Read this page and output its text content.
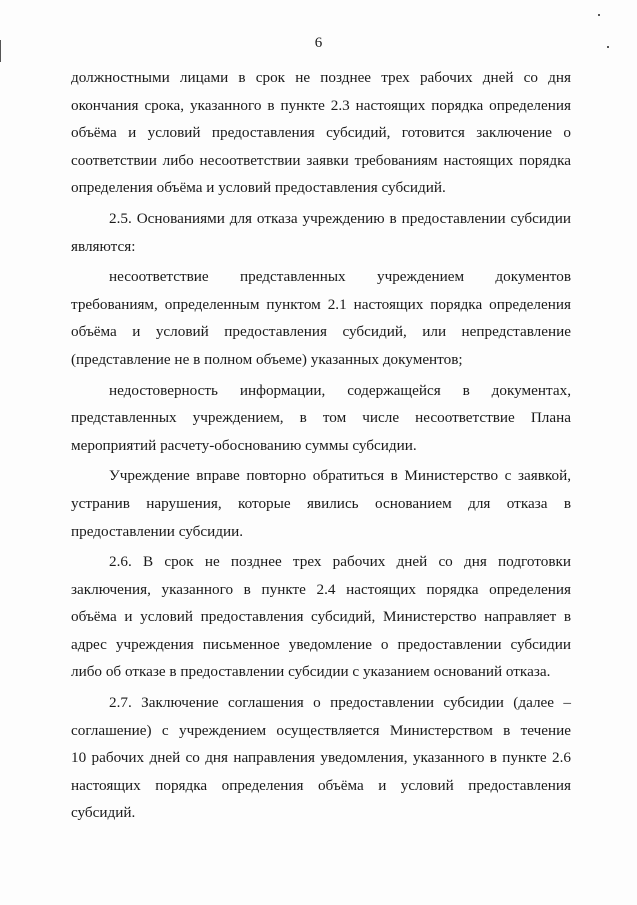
6
должностными лицами в срок не позднее трех рабочих дней со дня
окончания срока, указанного в пункте 2.3 настоящих порядка определения
объёма и условий предоставления субсидий, готовится заключение о
соответствии либо несоответствии заявки требованиям настоящих порядка
определения объёма и условий предоставления субсидий.
2.5. Основаниями для отказа учреждению в предоставлении субсидии
являются:
несоответствие представленных учреждением документов
требованиям, определенным пунктом 2.1 настоящих порядка определения
объёма и условий предоставления субсидий, или непредставление
(представление не в полном объеме) указанных документов;
недостоверность информации, содержащейся в документах,
представленных учреждением, в том числе несоответствие Плана
мероприятий расчету-обоснованию суммы субсидии.
Учреждение вправе повторно обратиться в Министерство с заявкой,
устранив нарушения, которые явились основанием для отказа в
предоставлении субсидии.
2.6. В срок не позднее трех рабочих дней со дня подготовки
заключения, указанного в пункте 2.4 настоящих порядка определения
объёма и условий предоставления субсидий, Министерство направляет в
адрес учреждения письменное уведомление о предоставлении субсидии
либо об отказе в предоставлении субсидии с указанием оснований отказа.
2.7. Заключение соглашения о предоставлении субсидии (далее –
соглашение) с учреждением осуществляется Министерством в течение
10 рабочих дней со дня направления уведомления, указанного в пункте 2.6
настоящих порядка определения объёма и условий предоставления
субсидий.
